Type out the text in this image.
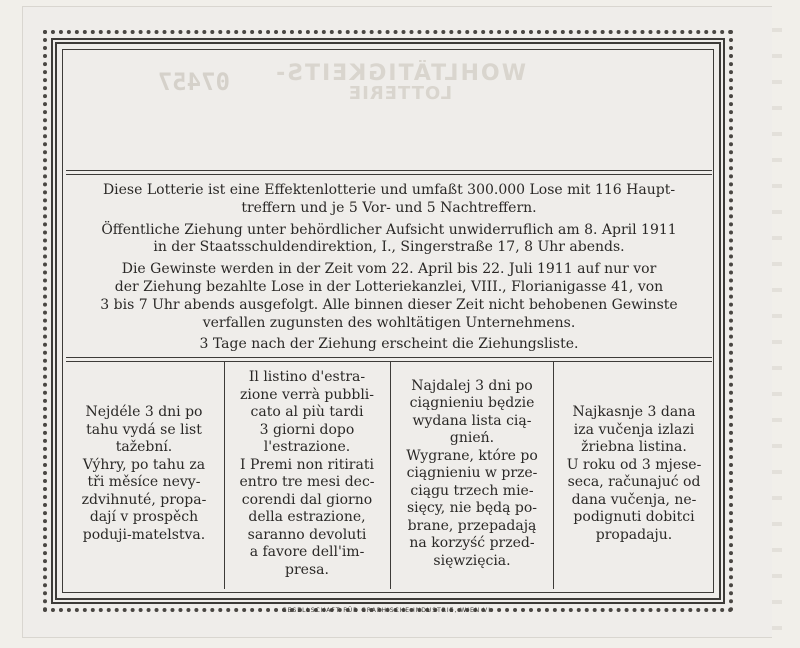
07457 WOHLTÄTIGKEITS-
LOTTERIE

Diese Lotterie ist eine Effektenlotterie und umfaßt 300.000 Lose mit 116 Haupt-
treffern und je 5 Vor- und 5 Nachtreffern.

Öffentliche Ziehung unter behördlicher Aufsicht unwiderruflich am 8. April 1911
in der Staatsschuldendirektion, I., Singerstraße 17, 8 Uhr abends.

Die Gewinste werden in der Zeit vom 22. April bis 22. Juli 1911 auf nur vor
der Ziehung bezahlte Lose in der Lotteriekanzlei, VIII., Florianigasse 41, von
3 bis 7 Uhr abends ausgefolgt. Alle binnen dieser Zeit nicht behobenen Gewinste
verfallen zugunsten des wohltätigen Unternehmens.

3 Tage nach der Ziehung erscheint die Ziehungsliste.

Nejdéle 3 dni po
tahu vydá se list
tažební.

Výhry, po tahu za
tři měsíce nevy-
zdvihnuté, propa-
dají v prospěch
poduji-matelstva.

Il listino d'estra-
zione verrà pubbli-
cato al più tardi
3 giorni dopo
l'estrazione.

I Premi non ritirati
entro tre mesi dec-
corendi dal giorno
della estrazione,
saranno devoluti
a favore dell'im-
presa.

Najdalej 3 dni po
ciągnieniu będzie
wydana lista cią-
gnień.

Wygrane, które po
ciągnieniu w prze-
ciągu trzech mie-
sięcy, nie będą po-
brane, przepadają
na korzyść przed-
sięwzięcia.

Najkasnje 3 dana
iza vučenja izlazi
žriebna listina.

U roku od 3 mjese-
seca, računajuć od
dana vučenja, ne-
podignuti dobitci
propadaju.

GESELLSCHAFT FÜR GRAPHISCHE INDUSTRIE, WIEN VI.
